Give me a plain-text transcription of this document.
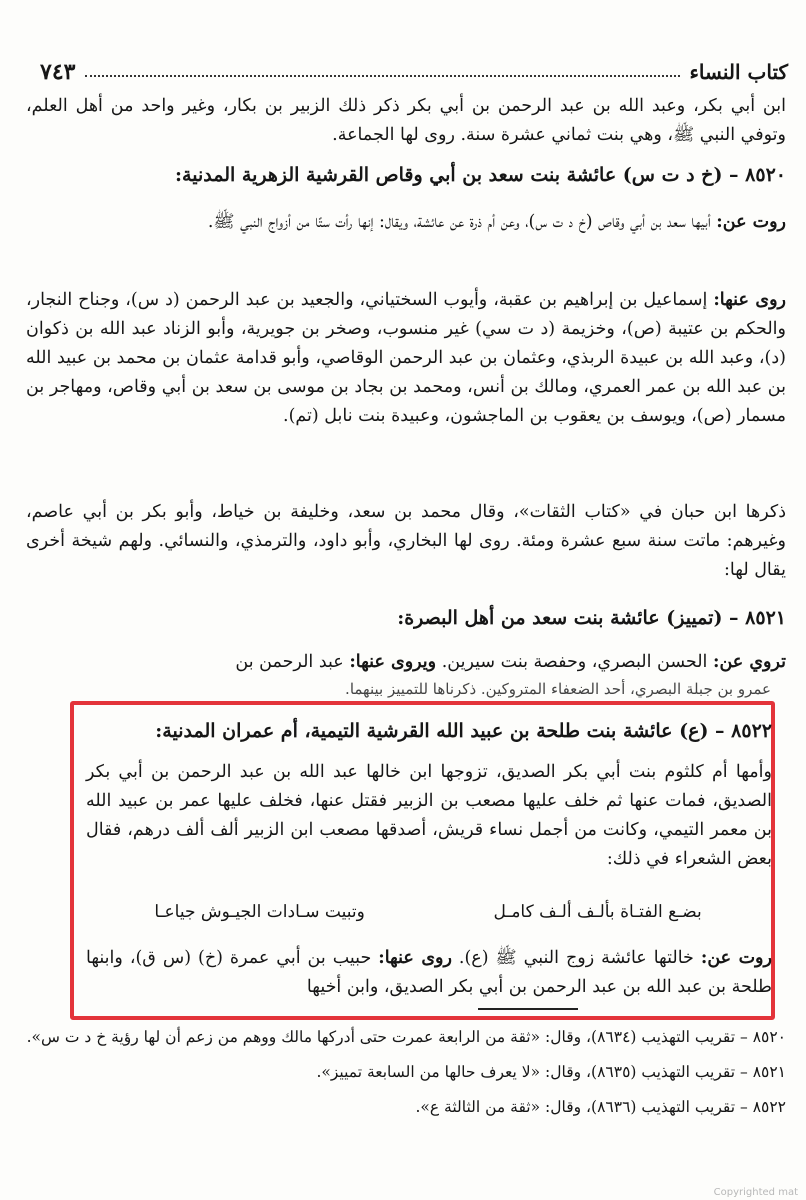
كتاب النساء
٧٤٣
ابن أبي بكر، وعبد الله بن عبد الرحمن بن أبي بكر ذكر ذلك الزبير بن بكار، وغير واحد من أهل العلم، وتوفي النبي ﷺ، وهي بنت ثماني عشرة سنة. روى لها الجماعة.
٨٥٢٠ – (خ د ت س) عائشة بنت سعد بن أبي وقاص القرشية الزهرية المدنية:
روت عن: أبيها سعد بن أبي وقاص (خ د ت س)، وعن أم ذرة عن عائشة، ويقال: إنها رأت ستًا من أزواج النبي ﷺ.
روى عنها: إسماعيل بن إبراهيم بن عقبة، وأيوب السختياني، والجعيد بن عبد الرحمن (د س)، وجناح النجار، والحكم بن عتيبة (ص)، وخزيمة (د ت سي) غير منسوب، وصخر بن جويرية، وأبو الزناد عبد الله بن ذكوان (د)، وعبد الله بن عبيدة الربذي، وعثمان بن عبد الرحمن الوقاصي، وأبو قدامة عثمان بن محمد بن عبيد الله بن عبد الله بن عمر العمري، ومالك بن أنس، ومحمد بن بجاد بن موسى بن سعد بن أبي وقاص، ومهاجر بن مسمار (ص)، ويوسف بن يعقوب بن الماجشون، وعبيدة بنت نابل (تم).
ذكرها ابن حبان في «كتاب الثقات»، وقال محمد بن سعد، وخليفة بن خياط، وأبو بكر بن أبي عاصم، وغيرهم: ماتت سنة سبع عشرة ومئة. روى لها البخاري، وأبو داود، والترمذي، والنسائي. ولهم شيخة أخرى يقال لها:
٨٥٢١ – (تمييز) عائشة بنت سعد من أهل البصرة:
تروي عن: الحسن البصري، وحفصة بنت سيرين. ويروى عنها: عبد الرحمن بن
عمرو بن جبلة البصري، أحد الضعفاء المتروكين. ذكرناها للتمييز بينهما.
٨٥٢٢ – (ع) عائشة بنت طلحة بن عبيد الله القرشية التيمية، أم عمران المدنية:
وأمها أم كلثوم بنت أبي بكر الصديق، تزوجها ابن خالها عبد الله بن عبد الرحمن بن أبي بكر الصديق، فمات عنها ثم خلف عليها مصعب بن الزبير فقتل عنها، فخلف عليها عمر بن عبيد الله بن معمر التيمي، وكانت من أجمل نساء قريش، أصدقها مصعب ابن الزبير ألف ألف درهم، فقال بعض الشعراء في ذلك:
بضـع الفتـاة بألـف ألـف كامـل
وتبيت سـادات الجيـوش جياعـا
روت عن: خالتها عائشة زوج النبي ﷺ (ع). روى عنها: حبيب بن أبي عمرة (خ) (س ق)، وابنها طلحة بن عبد الله بن عبد الرحمن بن أبي بكر الصديق، وابن أخيها
٨٥٢٠ – تقريب التهذيب (٨٦٣٤)، وقال: «ثقة من الرابعة عمرت حتى أدركها مالك ووهم من زعم أن لها رؤية خ د ت س».
٨٥٢١ – تقريب التهذيب (٨٦٣٥)، وقال: «لا يعرف حالها من السابعة تمييز».
٨٥٢٢ – تقريب التهذيب (٨٦٣٦)، وقال: «ثقة من الثالثة ع».
Copyrighted mat
